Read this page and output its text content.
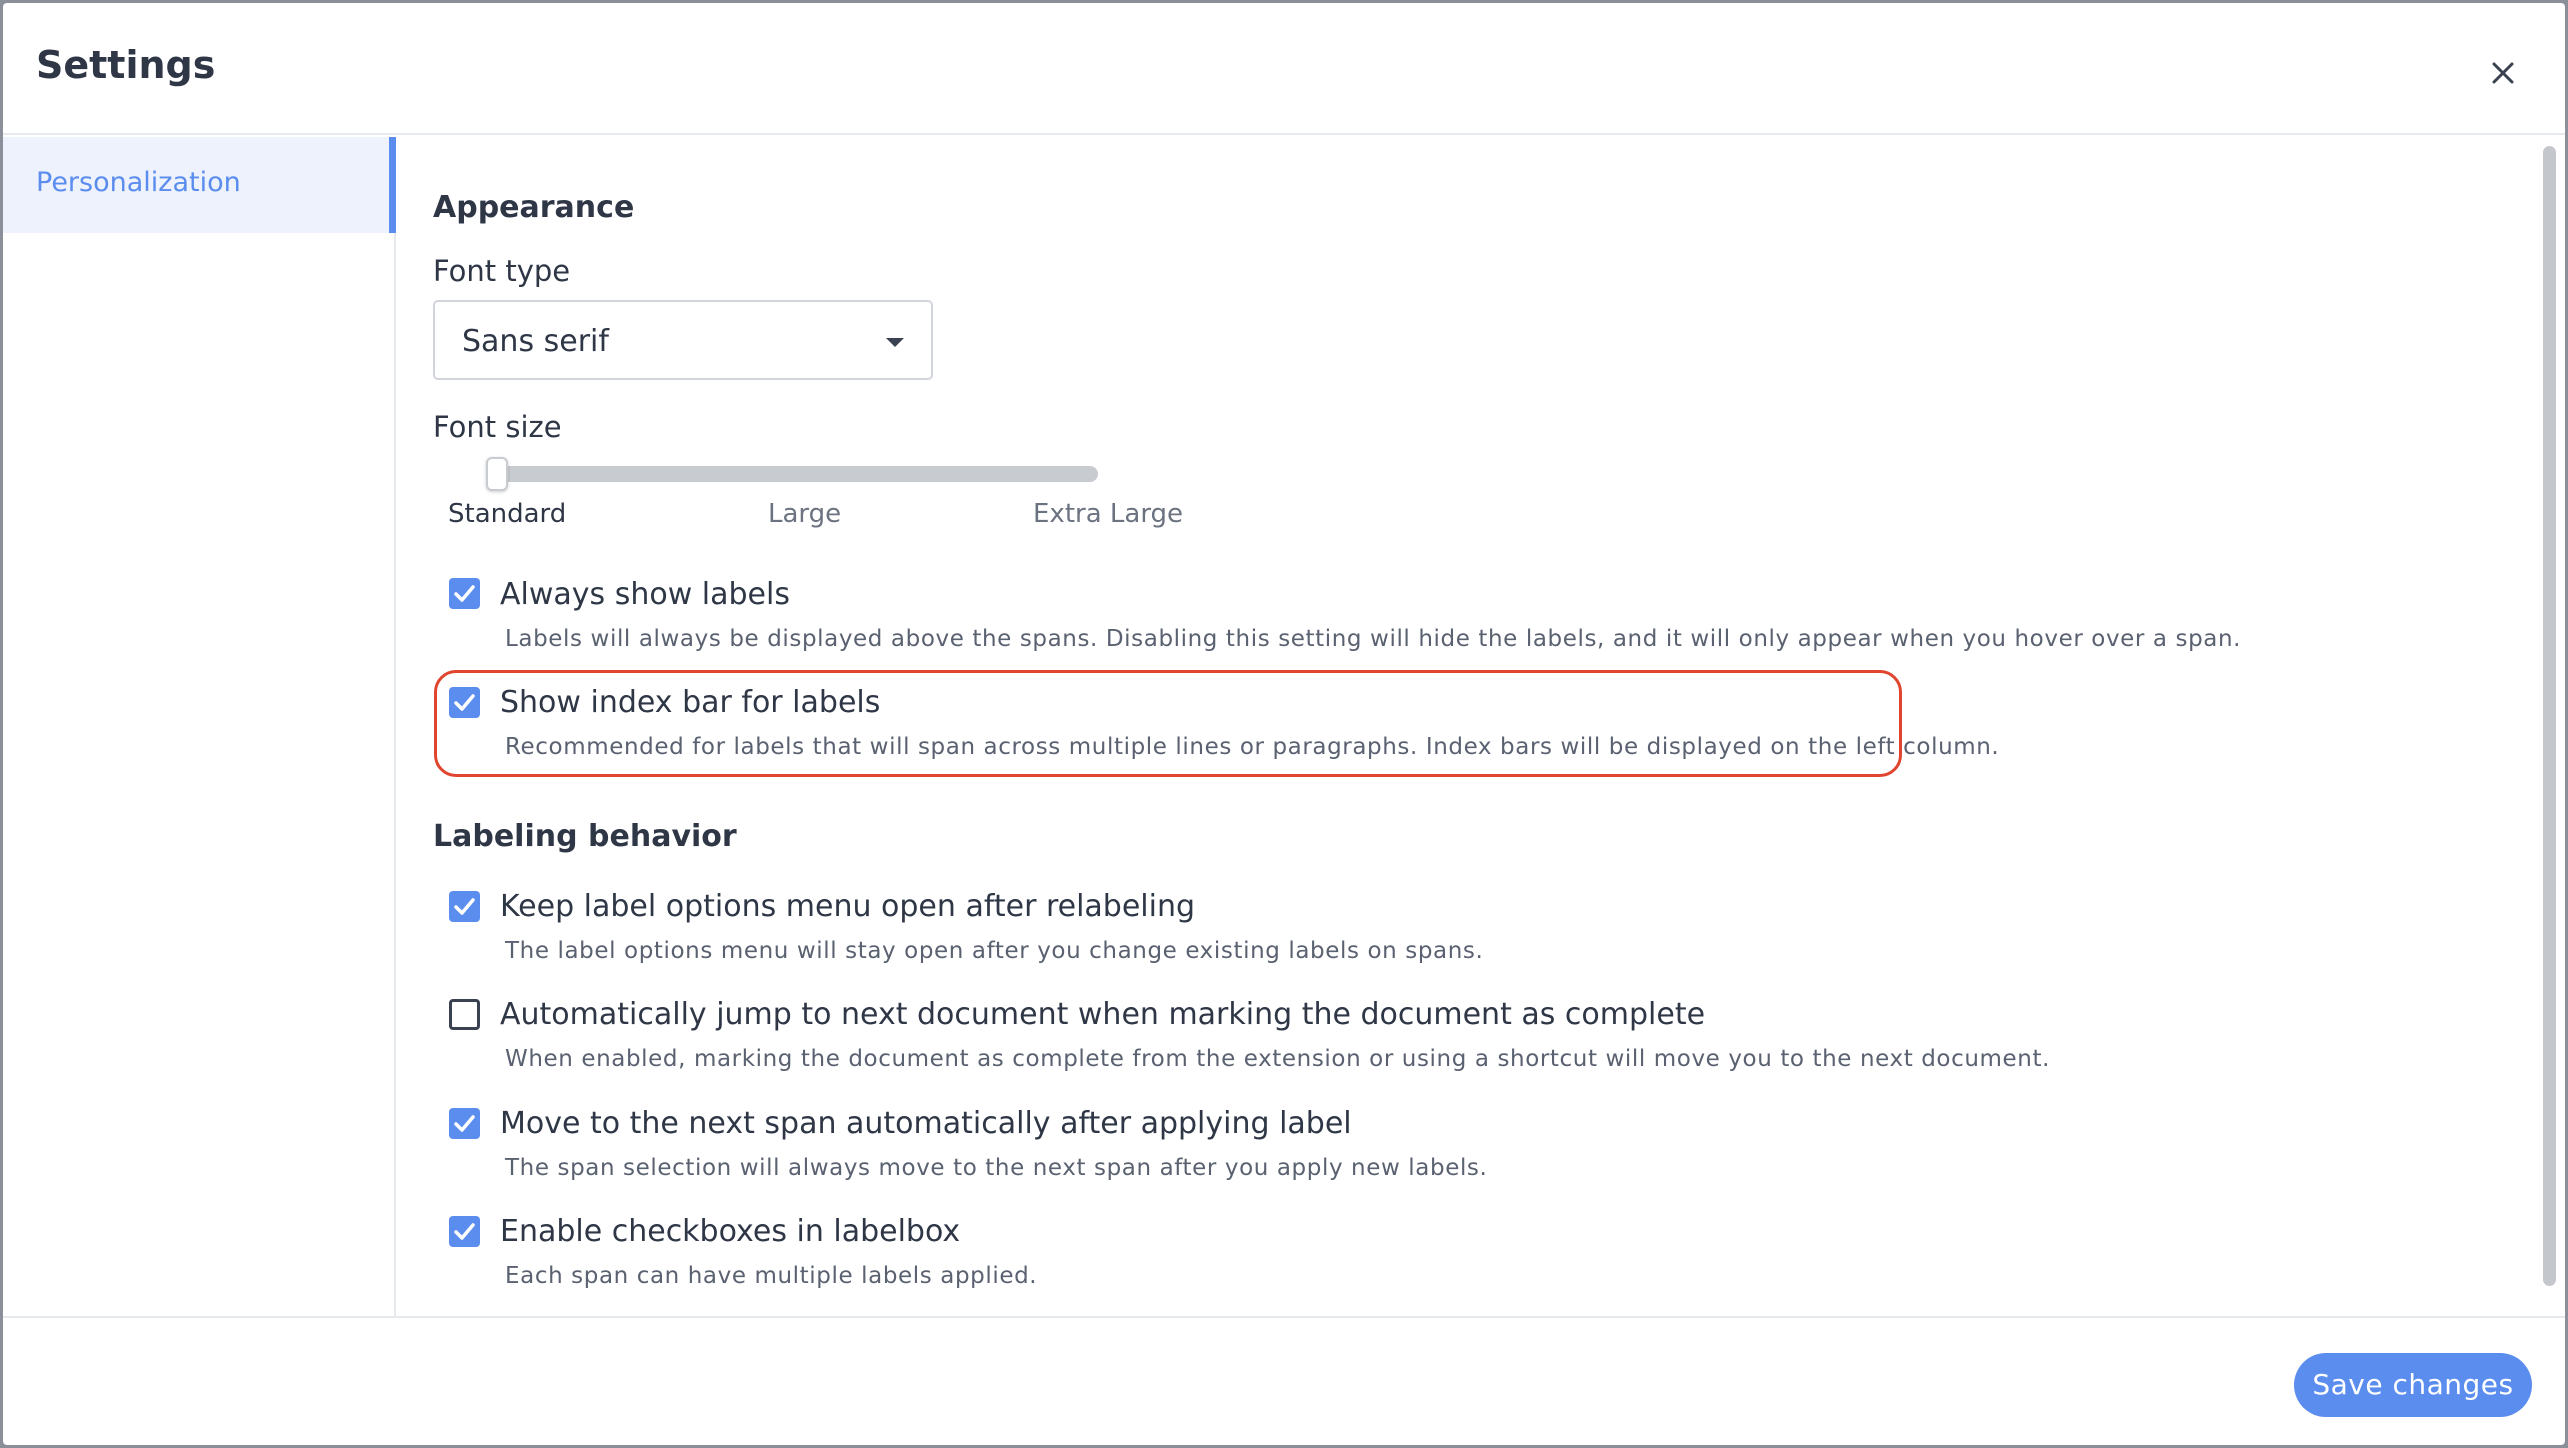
Settings
Personalization
Appearance
Font type
Sans serif
Font size
Standard	Large	Extra Large
Always show labels
Labels will always be displayed above the spans. Disabling this setting will hide the labels, and it will only appear when you hover over a span.
Show index bar for labels
Recommended for labels that will span across multiple lines or paragraphs. Index bars will be displayed on the left column.
Labeling behavior
Keep label options menu open after relabeling
The label options menu will stay open after you change existing labels on spans.
Automatically jump to next document when marking the document as complete
When enabled, marking the document as complete from the extension or using a shortcut will move you to the next document.
Move to the next span automatically after applying label
The span selection will always move to the next span after you apply new labels.
Enable checkboxes in labelbox
Each span can have multiple labels applied.
Save changes
